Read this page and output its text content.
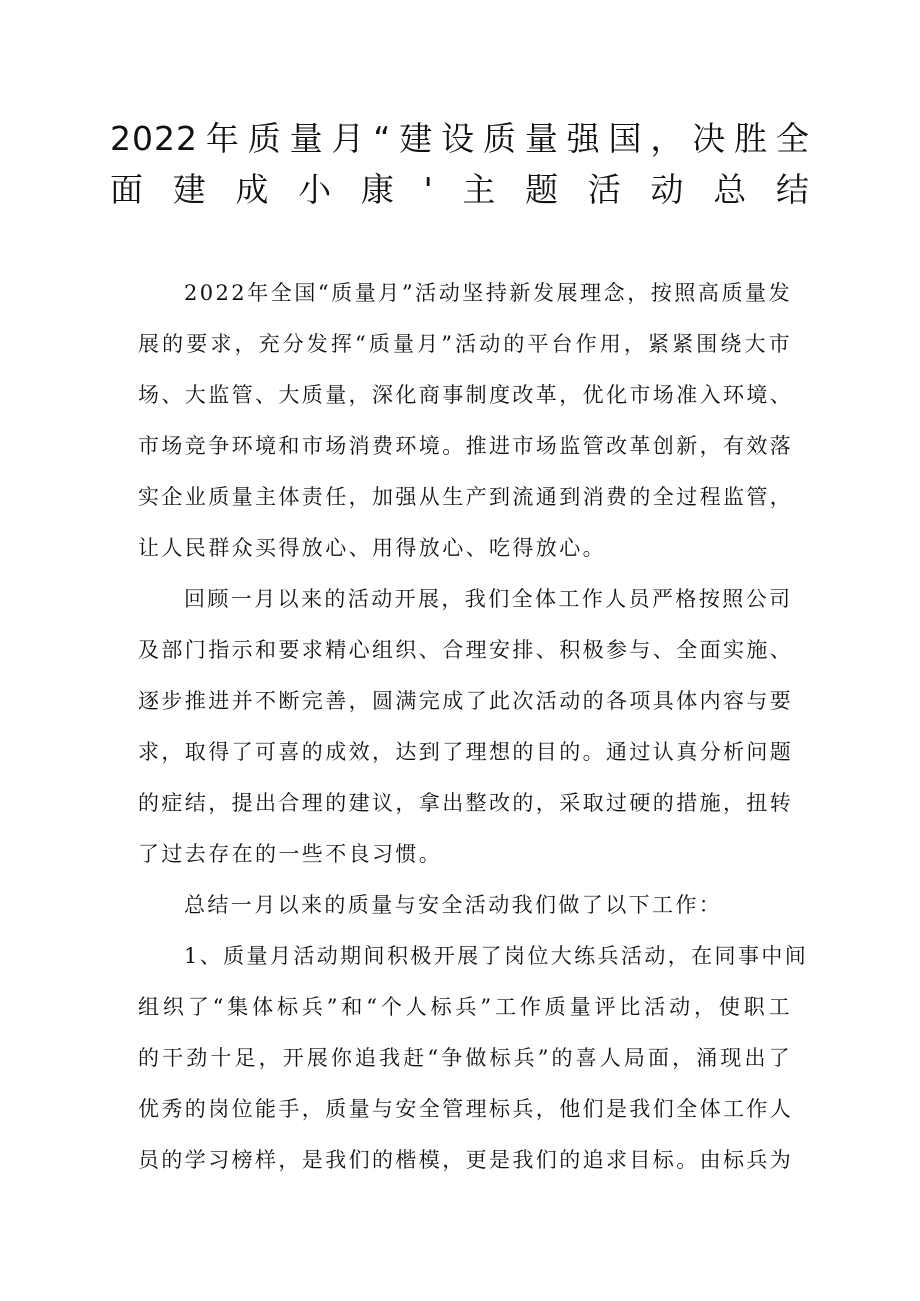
2022年质量月“建设质量强国，决胜全
面建成小康'主题活动总结

2022年全国“质量月”活动坚持新发展理念，按照高质量发
展的要求，充分发挥“质量月”活动的平台作用，紧紧围绕大市
场、大监管、大质量，深化商事制度改革，优化市场准入环境、
市场竞争环境和市场消费环境。推进市场监管改革创新，有效落
实企业质量主体责任，加强从生产到流通到消费的全过程监管，
让人民群众买得放心、用得放心、吃得放心。

回顾一月以来的活动开展，我们全体工作人员严格按照公司
及部门指示和要求精心组织、合理安排、积极参与、全面实施、
逐步推进并不断完善，圆满完成了此次活动的各项具体内容与要
求，取得了可喜的成效，达到了理想的目的。通过认真分析问题
的症结，提出合理的建议，拿出整改的，采取过硬的措施，扭转
了过去存在的一些不良习惯。

总结一月以来的质量与安全活动我们做了以下工作：

1、质量月活动期间积极开展了岗位大练兵活动，在同事中间
组织了“集体标兵”和“个人标兵”工作质量评比活动，使职工
的干劲十足，开展你追我赶“争做标兵”的喜人局面，涌现出了
优秀的岗位能手，质量与安全管理标兵，他们是我们全体工作人
员的学习榜样，是我们的楷模，更是我们的追求目标。由标兵为
